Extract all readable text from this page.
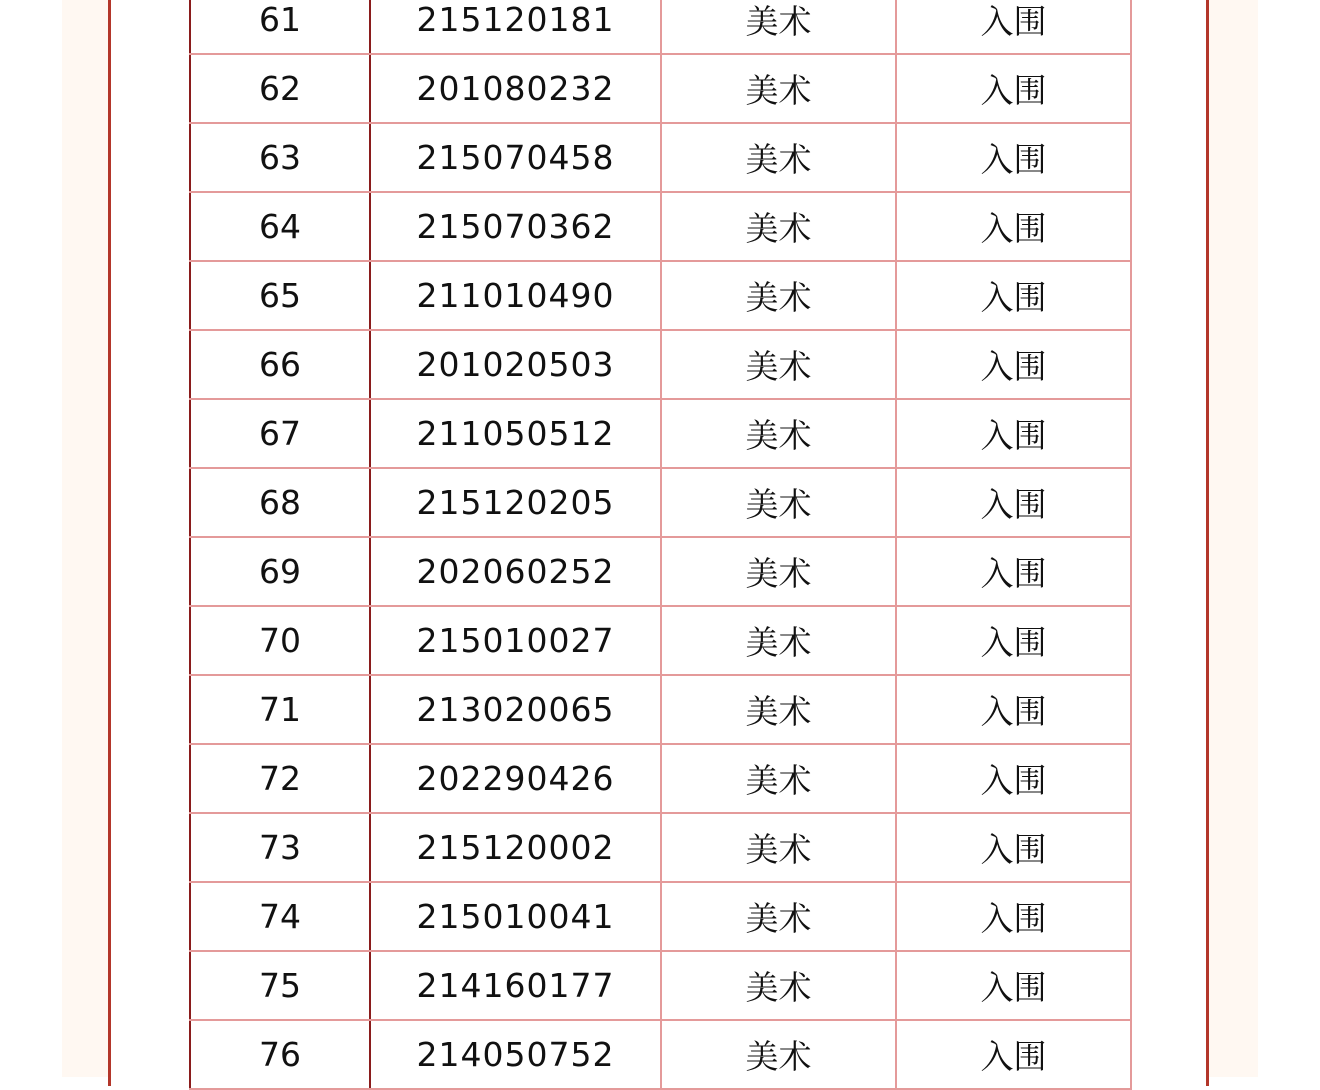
61	215120181	美术	入围
62	201080232	美术	入围
63	215070458	美术	入围
64	215070362	美术	入围
65	211010490	美术	入围
66	201020503	美术	入围
67	211050512	美术	入围
68	215120205	美术	入围
69	202060252	美术	入围
70	215010027	美术	入围
71	213020065	美术	入围
72	202290426	美术	入围
73	215120002	美术	入围
74	215010041	美术	入围
75	214160177	美术	入围
76	214050752	美术	入围
